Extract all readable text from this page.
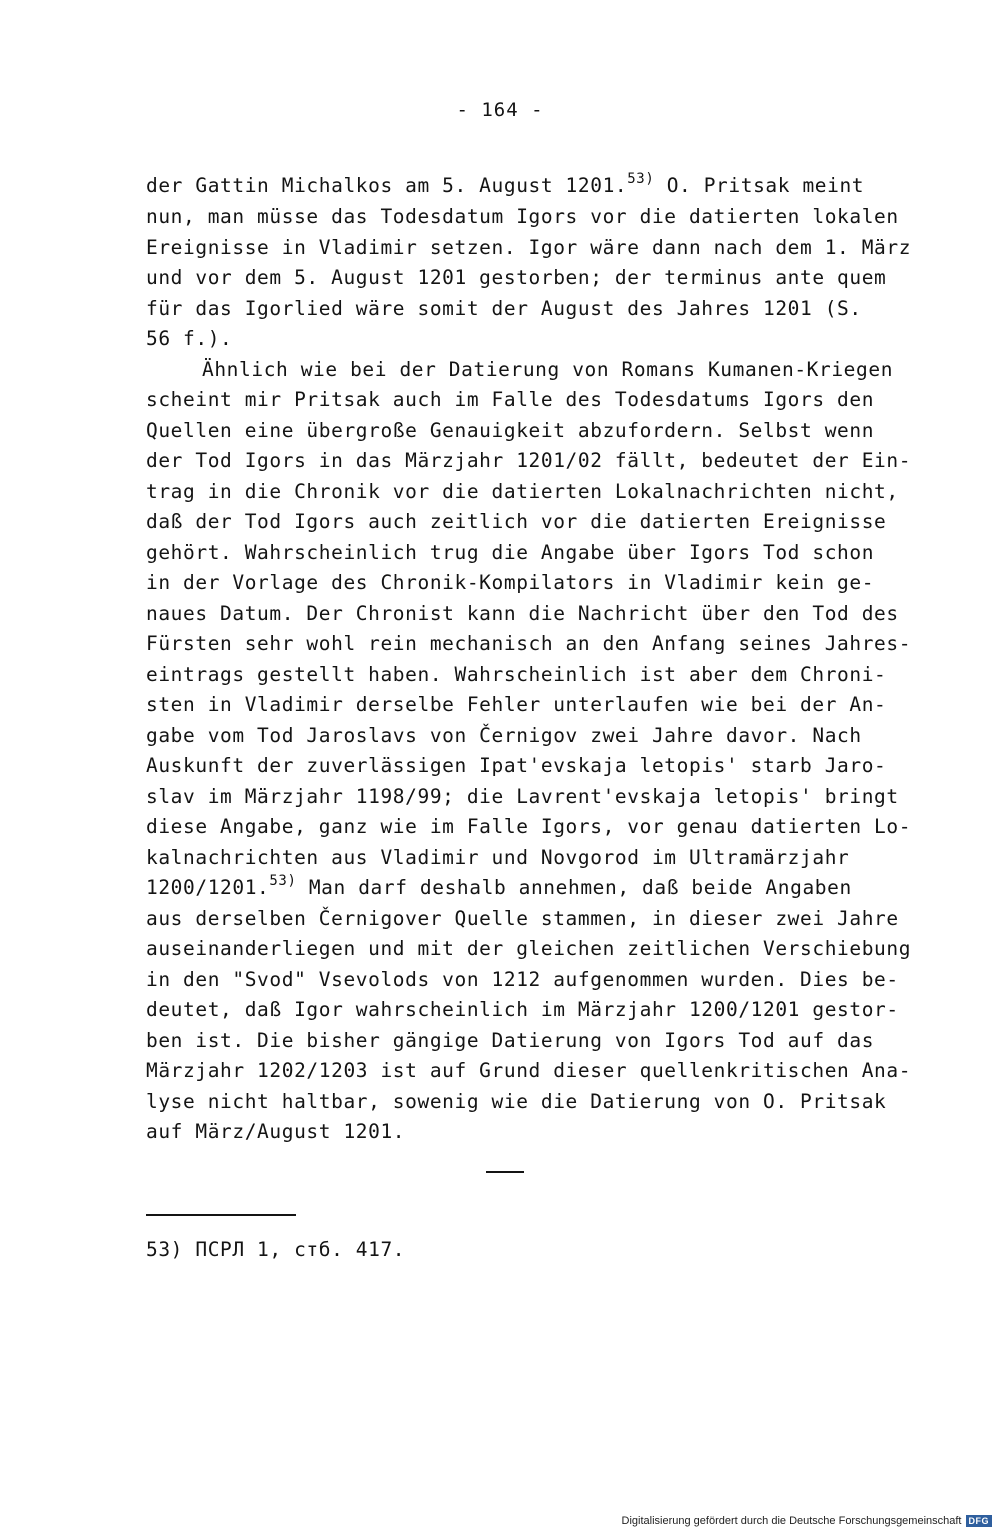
- 164 -
der Gattin Michalkos am 5. August 1201.$^{53)}$ O. Pritsak meint
nun, man müsse das Todesdatum Igors vor die datierten lokalen
Ereignisse in Vladimir setzen. Igor wäre dann nach dem 1. März
und vor dem 5. August 1201 gestorben; der terminus ante quem
für das Igorlied wäre somit der August des Jahres 1201 (S.
56 f.).
Ähnlich wie bei der Datierung von Romans Kumanen-Kriegen
scheint mir Pritsak auch im Falle des Todesdatums Igors den
Quellen eine übergroße Genauigkeit abzufordern. Selbst wenn
der Tod Igors in das Märzjahr 1201/02 fällt, bedeutet der Ein-
trag in die Chronik vor die datierten Lokalnachrichten nicht,
daß der Tod Igors auch zeitlich vor die datierten Ereignisse
gehört. Wahrscheinlich trug die Angabe über Igors Tod schon
in der Vorlage des Chronik-Kompilators in Vladimir kein ge-
naues Datum. Der Chronist kann die Nachricht über den Tod des
Fürsten sehr wohl rein mechanisch an den Anfang seines Jahres-
eintrags gestellt haben. Wahrscheinlich ist aber dem Chroni-
sten in Vladimir derselbe Fehler unterlaufen wie bei der An-
gabe vom Tod Jaroslavs von Černigov zwei Jahre davor. Nach
Auskunft der zuverlässigen Ipat'evskaja letopis' starb Jaro-
slav im Märzjahr 1198/99; die Lavrent'evskaja letopis' bringt
diese Angabe, ganz wie im Falle Igors, vor genau datierten Lo-
kalnachrichten aus Vladimir und Novgorod im Ultramärzjahr
1200/1201.$^{53)}$ Man darf deshalb annehmen, daß beide Angaben
aus derselben Černigover Quelle stammen, in dieser zwei Jahre
auseinanderliegen und mit der gleichen zeitlichen Verschiebung
in den "Svod" Vsevolods von 1212 aufgenommen wurden. Dies be-
deutet, daß Igor wahrscheinlich im Märzjahr 1200/1201 gestor-
ben ist. Die bisher gängige Datierung von Igors Tod auf das
Märzjahr 1202/1203 ist auf Grund dieser quellenkritischen Ana-
lyse nicht haltbar, sowenig wie die Datierung von O. Pritsak
auf März/August 1201.
53) ПСРЛ 1, стб. 417.
Digitalisierung gefördert durch die Deutsche Forschungsgemeinschaft DFG
